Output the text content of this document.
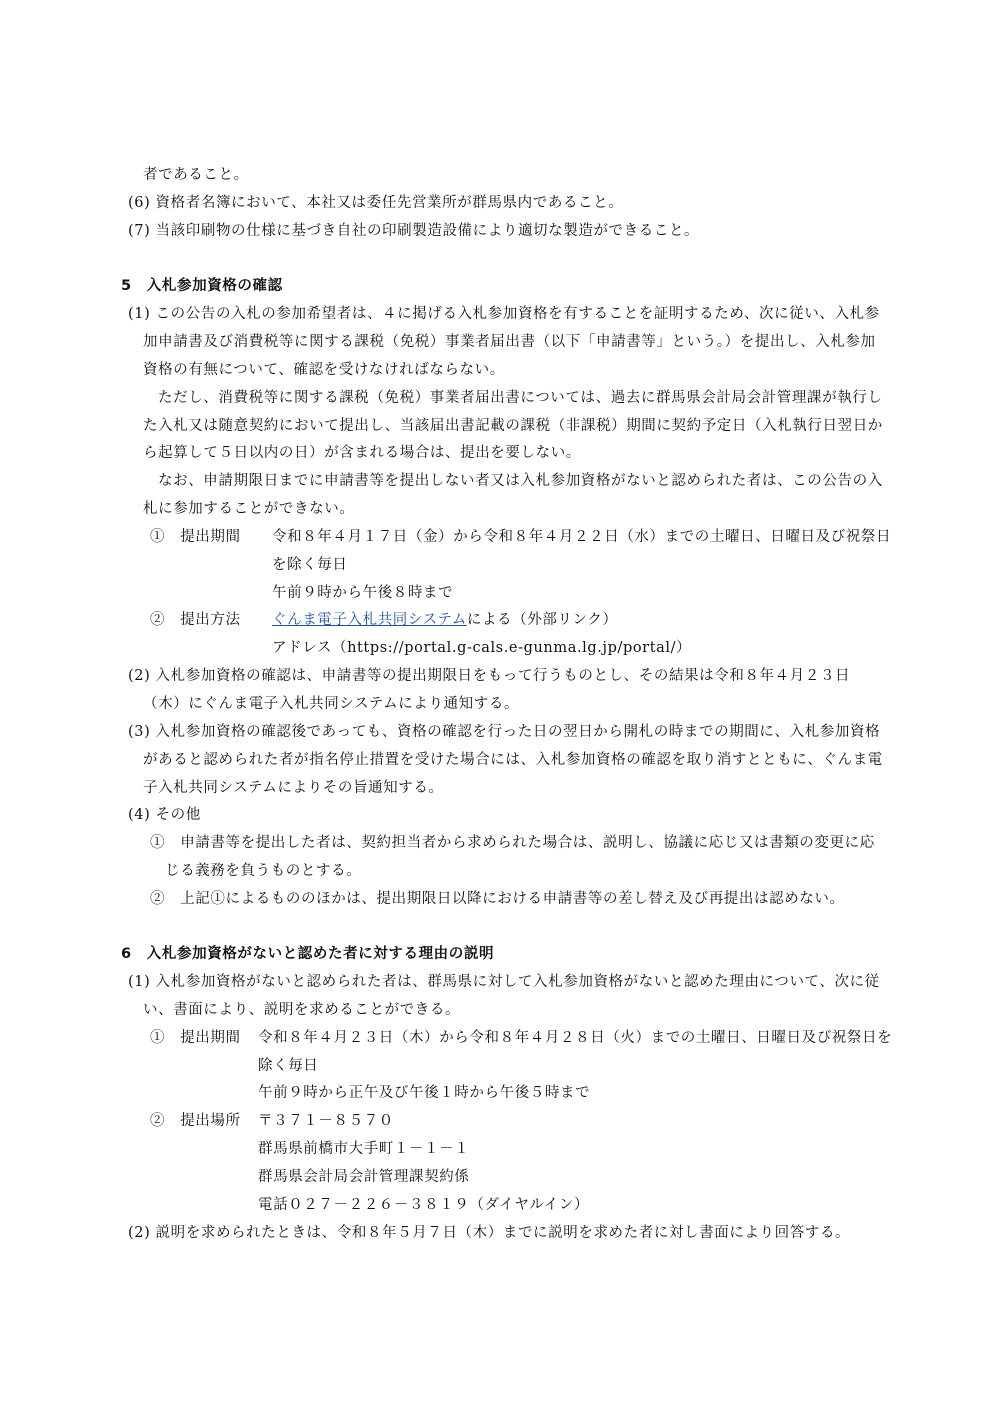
者であること。
(6) 資格者名簿において、本社又は委任先営業所が群馬県内であること。
(7) 当該印刷物の仕様に基づき自社の印刷製造設備により適切な製造ができること。
5　入札参加資格の確認
(1) この公告の入札の参加希望者は、４に掲げる入札参加資格を有することを証明するため、次に従い、入札参
加申請書及び消費税等に関する課税（免税）事業者届出書（以下「申請書等」という。）を提出し、入札参加
資格の有無について、確認を受けなければならない。
ただし、消費税等に関する課税（免税）事業者届出書については、過去に群馬県会計局会計管理課が執行し
た入札又は随意契約において提出し、当該届出書記載の課税（非課税）期間に契約予定日（入札執行日翌日か
ら起算して５日以内の日）が含まれる場合は、提出を要しない。
なお、申請期限日までに申請書等を提出しない者又は入札参加資格がないと認められた者は、この公告の入
札に参加することができない。
①　提出期間 令和８年４月１７日（金）から令和８年４月２２日（水）までの土曜日、日曜日及び祝祭日
を除く毎日
午前９時から午後８時まで
②　提出方法 ぐんま電子入札共同システムによる（外部リンク）
アドレス（https://portal.g-cals.e-gunma.lg.jp/portal/）
(2) 入札参加資格の確認は、申請書等の提出期限日をもって行うものとし、その結果は令和８年４月２３日
（木）にぐんま電子入札共同システムにより通知する。
(3) 入札参加資格の確認後であっても、資格の確認を行った日の翌日から開札の時までの期間に、入札参加資格
があると認められた者が指名停止措置を受けた場合には、入札参加資格の確認を取り消すとともに、ぐんま電
子入札共同システムによりその旨通知する。
(4) その他
①　申請書等を提出した者は、契約担当者から求められた場合は、説明し、協議に応じ又は書類の変更に応
じる義務を負うものとする。
②　上記①によるもののほかは、提出期限日以降における申請書等の差し替え及び再提出は認めない。
6　入札参加資格がないと認めた者に対する理由の説明
(1) 入札参加資格がないと認められた者は、群馬県に対して入札参加資格がないと認めた理由について、次に従
い、書面により、説明を求めることができる。
①　提出期間 令和８年４月２３日（木）から令和８年４月２８日（火）までの土曜日、日曜日及び祝祭日を
除く毎日
午前９時から正午及び午後１時から午後５時まで
②　提出場所 〒３７１－８５７０
群馬県前橋市大手町１－１－１
群馬県会計局会計管理課契約係
電話０２７－２２６－３８１９（ダイヤルイン）
(2) 説明を求められたときは、令和８年５月７日（木）までに説明を求めた者に対し書面により回答する。
